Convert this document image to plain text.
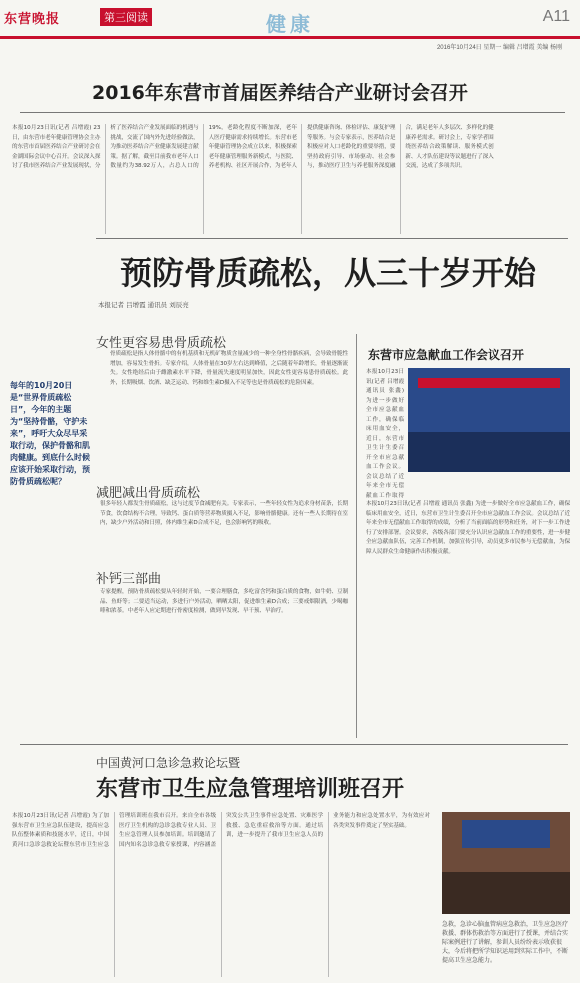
东营晚报	第三阅读	健康	A11
2016年10月24日 星期一 编辑 吕增霞 美编 杨刚
2016年东营市首届医养结合产业研讨会召开
本报10月23日讯(记者 吕增霞) 23日，由东营市老年健康管理协会主办的东营市首届医养结合产业研讨会在金湖国际会议中心召开。会议深入探讨了我市医养结合产业发展现状，分析了医养结合产业发展面临的机遇与挑战，交流了国内外先进经验做法，为推动医养结合产业健康发展建言献策。据了解，截至目前我市老年人口数量约为38.92万人，占总人口的19%，老龄化程度不断加深，老年人医疗健康需求持续增长。东营市老年健康管理协会成立以来，积极探索老年健康管理服务新模式，与医院、养老机构、社区开展合作，为老年人提供健康咨询、体检评估、康复护理等服务。与会专家表示，医养结合是积极应对人口老龄化的重要举措，要坚持政府引导、市场驱动、社会参与，推动医疗卫生与养老服务深度融合，满足老年人多层次、多样化的健康养老需求。研讨会上，专家学者围绕医养结合政策解读、服务模式创新、人才队伍建设等议题进行了深入交流，达成了多项共识。
预防骨质疏松，从三十岁开始
本报记者 吕增霞 通讯员 刘辰亮
每年的10月20日是“世界骨质疏松日”，今年的主题为“坚持骨骼，守护未来”，呼吁大众尽早采取行动，保护骨骼和肌肉健康。到底什么时候应该开始采取行动，预防骨质疏松呢？
女性更容易患骨质疏松
骨质疏松是指人体骨骼中的有机基质和无机矿物质含量减少的一种全身性骨骼疾病，会导致骨脆性增加，容易发生骨折。专家介绍，人体骨量在30岁左右达到峰值，之后随着年龄增长，骨量逐渐流失。女性绝经后由于雌激素水平下降，骨量流失速度明显加快，因此女性更容易患骨质疏松。此外，长期吸烟、饮酒、缺乏运动、钙和维生素D摄入不足等也是骨质疏松的危险因素。
减肥减出骨质疏松
很多年轻人都发生骨质疏松，这与过度节食减肥有关。专家表示，一些年轻女性为追求身材苗条，长期节食，饮食结构不合理，导致钙、蛋白质等营养物质摄入不足，影响骨骼健康。还有一些人长期待在室内，缺少户外活动和日照，体内维生素D合成不足，也会影响钙的吸收。
补钙三部曲
专家提醒，预防骨质疏松要从年轻时开始，一要合理膳食，多吃富含钙和蛋白质的食物，如牛奶、豆制品、鱼虾等；二要适当运动，多进行户外活动，晒晒太阳，促进维生素D合成；三要戒烟限酒，少喝咖啡和浓茶。中老年人应定期进行骨密度检测，做到早发现、早干预、早治疗。
东营市应急献血工作会议召开
本报10月23日讯(记者 吕增霞 通讯员 张鑫) 为进一步做好全市应急献血工作，确保临床用血安全，近日，东营市卫生计生委召开全市应急献血工作会议。会议总结了近年来全市无偿献血工作取得
本报10月23日讯(记者 吕增霞 通讯员 张鑫) 为进一步做好全市应急献血工作，确保临床用血安全，近日，东营市卫生计生委召开全市应急献血工作会议。会议总结了近年来全市无偿献血工作取得的成绩，分析了当前面临的形势和任务，对下一步工作进行了安排部署。会议要求，各级各部门要充分认识应急献血工作的重要性，进一步健全应急献血队伍，完善工作机制，加强宣传引导，动员更多市民参与无偿献血，为保障人民群众生命健康作出积极贡献。
中国黄河口急诊急救论坛暨
东营市卫生应急管理培训班召开
本报10月23日讯(记者 吕增霞) 为了加强东营市卫生应急队伍建设，提高应急队伍整体素质和技能水平，近日，中国黄河口急诊急救论坛暨东营市卫生应急管理培训班在我市召开。来自全市各级医疗卫生机构的急诊急救专业人员、卫生应急管理人员参加培训。培训邀请了国内知名急诊急救专家授课，内容涵盖突发公共卫生事件应急处置、灾难医学救援、急危重症救治等方面。通过培训，进一步提升了我市卫生应急人员的业务能力和应急处置水平，为有效应对各类突发事件奠定了坚实基础。
急救，急诊心脑血管病应急救治，卫生应急医疗救援、群体伤救治等方面进行了授课，并结合实际案例进行了讲解，参训人员纷纷表示收获很大，今后将把所学知识运用到实际工作中，不断提高卫生应急能力。
